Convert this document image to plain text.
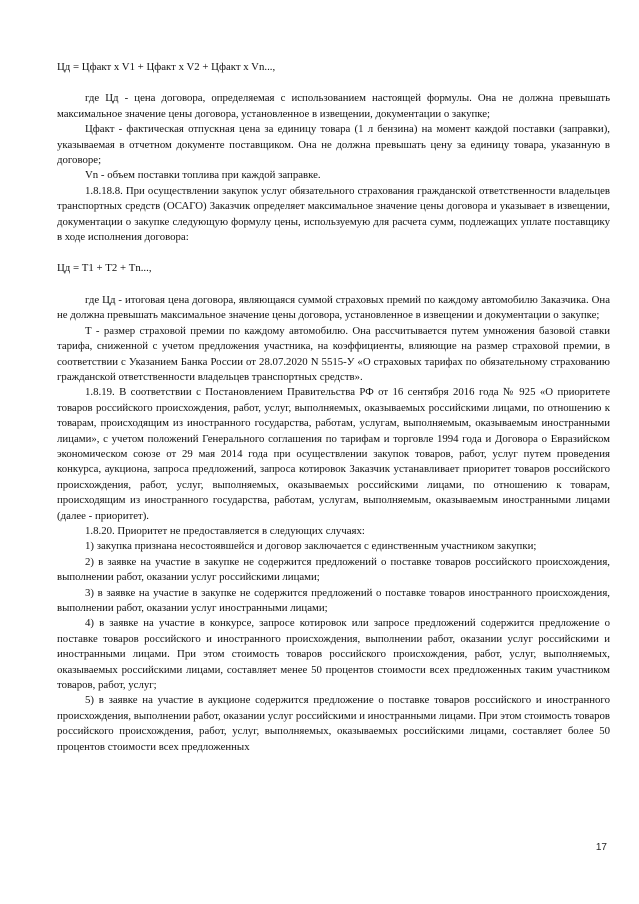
Цд = Цфакт x V1 + Цфакт x V2 + Цфакт x Vn...,

где Цд - цена договора, определяемая с использованием настоящей формулы. Она не должна превышать максимальное значение цены договора, установленное в извещении, документации о закупке;

Цфакт - фактическая отпускная цена за единицу товара (1 л бензина) на момент каждой поставки (заправки), указываемая в отчетном документе поставщиком. Она не должна превышать цену за единицу товара, указанную в договоре;

Vn - объем поставки топлива при каждой заправке.

1.8.18.8. При осуществлении закупок услуг обязательного страхования гражданской ответственности владельцев транспортных средств (ОСАГО) Заказчик определяет максимальное значение цены договора и указывает в извещении, документации о закупке следующую формулу цены, используемую для расчета сумм, подлежащих уплате поставщику в ходе исполнения договора:

Цд = Т1 + Т2 + Тn...,

где Цд - итоговая цена договора, являющаяся суммой страховых премий по каждому автомобилю Заказчика. Она не должна превышать максимальное значение цены договора, установленное в извещении и документации о закупке;

Т - размер страховой премии по каждому автомобилю. Она рассчитывается путем умножения базовой ставки тарифа, сниженной с учетом предложения участника, на коэффициенты, влияющие на размер страховой премии, в соответствии с Указанием Банка России от 28.07.2020 N 5515-У «О страховых тарифах по обязательному страхованию гражданской ответственности владельцев транспортных средств».

1.8.19. В соответствии с Постановлением Правительства РФ от 16 сентября 2016 года № 925 «О приоритете товаров российского происхождения, работ, услуг, выполняемых, оказываемых российскими лицами, по отношению к товарам, происходящим из иностранного государства, работам, услугам, выполняемым, оказываемым иностранными лицами», с учетом положений Генерального соглашения по тарифам и торговле 1994 года и Договора о Евразийском экономическом союзе от 29 мая 2014 года при осуществлении закупок товаров, работ, услуг путем проведения конкурса, аукциона, запроса предложений, запроса котировок Заказчик устанавливает приоритет товаров российского происхождения, работ, услуг, выполняемых, оказываемых российскими лицами, по отношению к товарам, происходящим из иностранного государства, работам, услугам, выполняемым, оказываемым иностранными лицами (далее - приоритет).

1.8.20. Приоритет не предоставляется в следующих случаях:

1) закупка признана несостоявшейся и договор заключается с единственным участником закупки;

2) в заявке на участие в закупке не содержится предложений о поставке товаров российского происхождения, выполнении работ, оказании услуг российскими лицами;

3) в заявке на участие в закупке не содержится предложений о поставке товаров иностранного происхождения, выполнении работ, оказании услуг иностранными лицами;

4) в заявке на участие в конкурсе, запросе котировок или запросе предложений содержится предложение о поставке товаров российского и иностранного происхождения, выполнении работ, оказании услуг российскими и иностранными лицами. При этом стоимость товаров российского происхождения, работ, услуг, выполняемых, оказываемых российскими лицами, составляет менее 50 процентов стоимости всех предложенных таким участником товаров, работ, услуг;

5) в заявке на участие в аукционе содержится предложение о поставке товаров российского и иностранного происхождения, выполнении работ, оказании услуг российскими и иностранными лицами. При этом стоимость товаров российского происхождения, работ, услуг, выполняемых, оказываемых российскими лицами, составляет более 50 процентов стоимости всех предложенных

17
